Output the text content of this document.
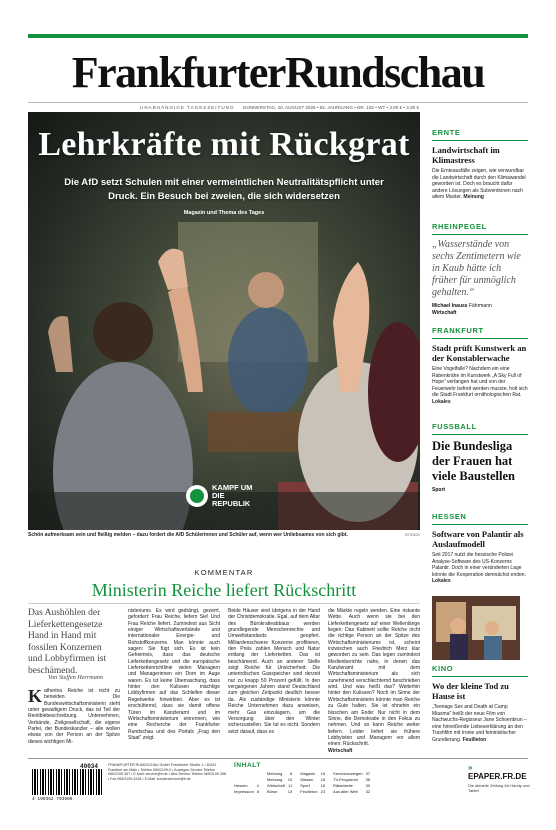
FrankfurterRundschau
UNABHÄNGIGE TAGESZEITUNG DONNERSTAG, 20. AUGUST 2026 • 82. JAHRGANG • NR. 192 • WT • 3,90 € • 3,90 €
Lehrkräfte mit Rückgrat
Die AfD setzt Schulen mit einer vermeintlichen Neutralitätspflicht unter Druck. Ein Besuch bei zweien, die sich widersetzen
Magazin und Thema des Tages
KAMPF UM DIE REPUBLIK
Schön aufmerksam sein und fleißig melden – dazu fordert die AfD Schülerinnen und Schüler auf, wenn wer Unliebsames von sich gibt.	ISTOCK
ERNTE
Landwirtschaft im Klimastress
Die Ernteausfälle zeigen, wie verwundbar die Landwirtschaft durch den Klimawandel geworden ist. Doch es braucht dafür andere Lösungen als Subventionen nach altem Muster. Meinung
RHEINPEGEL
„Wasserstände von sechs Zentimetern wie in Kaub hätte ich früher für unmöglich gehalten.“
Michael Inauss Fährmann
Wirtschaft
FRANKFURT
Stadt prüft Kunstwerk an der Konstablerwache
Eine Vogelfalle? Nachdem ein eine Rabenkrähe im Kunstwerk „A Sky Full of Hope“ verfangen hat und von der Feuerwehr befreit werden musste, holt sich die Stadt Frankfurt ornithologischen Rat. Lokales
FUSSBALL
Die Bundesliga der Frauen hat viele Baustellen
Sport
HESSEN
Software von Palantir als Auslaufmodell
Seit 2017 nutzt die hessische Polizei Analyse-Software des US-Konzerns Palantir. Doch in einer veränderten Lage könnte die Kooperation demnächst enden. Lokales
KINO
Wo der kleine Tod zu Hause ist
„Teenage Sex and Death at Camp Miasma“ heißt der neue Film von Nachwuchs-Regisseur Jane Schoenbrun – eine hinreißende Liebeserklärung an den Trashfilm mit Ironie und feministischer Grundierung. Feuilleton
KOMMENTAR
Ministerin Reiche liefert Rückschritt
Das Aushöhlen der Lieferkettengesetze Hand in Hand mit fossilen Konzernen und Lobbyfirmen ist beschämend.
Von Steffen Herrmann
Katherina Reiche ist nicht zu beneiden. Die Bundeswirtschaftsministerin steht unter gewaltigem Druck, das ist Teil der Rentiblebeschreibung. Unternehmen, Verbände, Zivilgesellschaft, die eigene Partei, der Bundeskanzler – alle wollen etwas von der Person an der Spitze dieses wichtigen Mi-
nisteriums. Es wird gedrängt, gezerrt, gefordert: Frau Reiche, liefern Sie! Und Frau Reiche liefert. Zumindest aus Sicht einiger Wirtschaftsverbände und internationaler Energie- und Rohstoffkonzerne. Man könnte auch sagen: Sie fügt sich. Es ist kein Geheimnis, dass das deutsche Lieferkettengesetz und die europäische Lieferkettenrichtlinie vielen Managern und Managerinnen ein Dorn im Auge waren. Es ist keine Überraschung, dass hinter den Kulissen mächtige Lobbyfirmen auf das Schleifen dieser Regelwerke hinwirkten. Aber es ist erschütternd, dass sie damit offene Türen im Kanzleramt und im Wirtschaftsministerium einrennen, wie eine Recherche der Frankfurter Rundschau und des Portals „Frag den Staat“ zeigt.
Beide Häuser sind übrigens in der Hand der Christdemokratie. Egal, auf dem Altar des Bürokratieabbaus werden grundlegende Menschenrechte und Umweltstandards geopfert. Milliardenschwere Konzerne profitieren, den Preis zahlen Mensch und Natur entlang der Lieferketten. Das ist beschämend. Auch an anderer Stelle zeigt Reiche für Unsicherheit: Die unterirdischen Gasspeicher sind derzeit nur zu knapp 50 Prozent gefüllt. In den vergangenen Jahren stand Deutschland zum gleichen Zeitpunkt deutlich besser da. Als zuständige Ministerin könnte Reiche Unternehmen dazu anweisen, mehr Gas einzulagern, um die Versorgung über den Winter sicherzustellen. Sie tut es nicht. Sondern setzt darauf, dass es
die Märkte regeln werden. Eine riskante Wette. Auch wenn sie bei den Lieferkettengesetz auf einer Wellenlänge liegen: Das Kabinett sollte Reiche nicht die richtige Person an der Spitze des Wirtschaftsministeriums ist, scheint inzwischen auch Friedrich Merz klar geworden zu sein. Das legen zumindest Medienberichte nahe, in denen das Kanzleramt mit dem Wirtschaftsministerium als sich zunehmend verschlechternd beschrieben wird. Und was heißt das? Weiterhin hinter den Kulissen? Noch im Sinne der Wirtschaftsministerin könnte man Reiche zu Gute halten. Sie ist ohnehin ein bisschen am Ende: Nur nicht in dem Sinne, die Demokratie in den Fokus zu nehmen. Und so kann Reiche weiter liefern. Leider liefert sie frühere Lobbyisten und Managern vor allem einen: Rückschritt.
Wirtschaft
4 190352 703906
40034	FRANKFURTER RUNDSCHAU GmbH Frankfurter Straße 1 • 60311 Frankfurt am Main • Telefon 069/2199-0 • Anzeigen-Service Telefon 069/2199-357 • E-Mail: service@fr.de • Abo-Service Telefon 069/2199-358 • Fax 069/2199-3316 • E-Mail: kundenservice@fr.de
INHALT
		Meinung	8	Magazin	16	Serviceanzeigen	37
		Meinung	10	Wissen	18	TV-Programm	38
Hessen	4	Wirtschaft	11	Sport	18	Rätselseite	30
Impressum	8	Börse	13	Feuilleton	23	Aus aller Welt	32
» EPAPER.FR.DE
Die aktuelle Zeitung für Handy und Tablet
